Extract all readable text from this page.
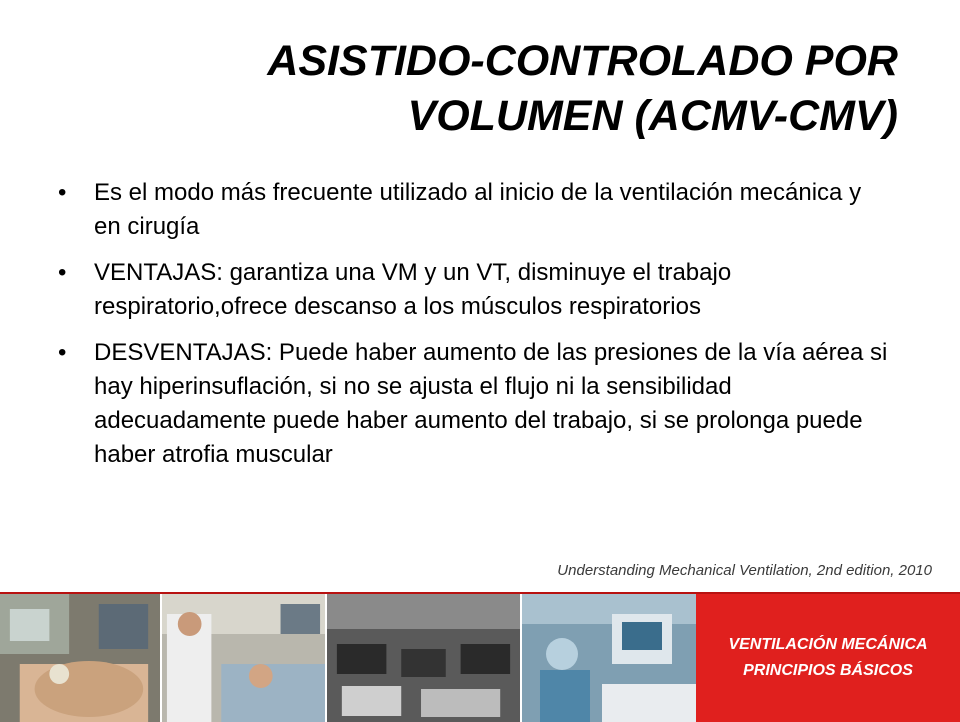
ASISTIDO-CONTROLADO POR
VOLUMEN (ACMV-CMV)
• Es el modo más frecuente utilizado al inicio de la ventilación mecánica y en cirugía
• VENTAJAS: garantiza una VM y un VT, disminuye el trabajo respiratorio,ofrece descanso a los músculos respiratorios
• DESVENTAJAS: Puede haber aumento de las presiones de la vía aérea si hay hiperinsuflación, si no se ajusta el flujo ni la sensibilidad adecuadamente puede haber aumento del trabajo, si se prolonga puede haber atrofia muscular
Understanding Mechanical Ventilation, 2nd edition, 2010
VENTILACIÓN MECÁNICA
PRINCIPIOS BÁSICOS
